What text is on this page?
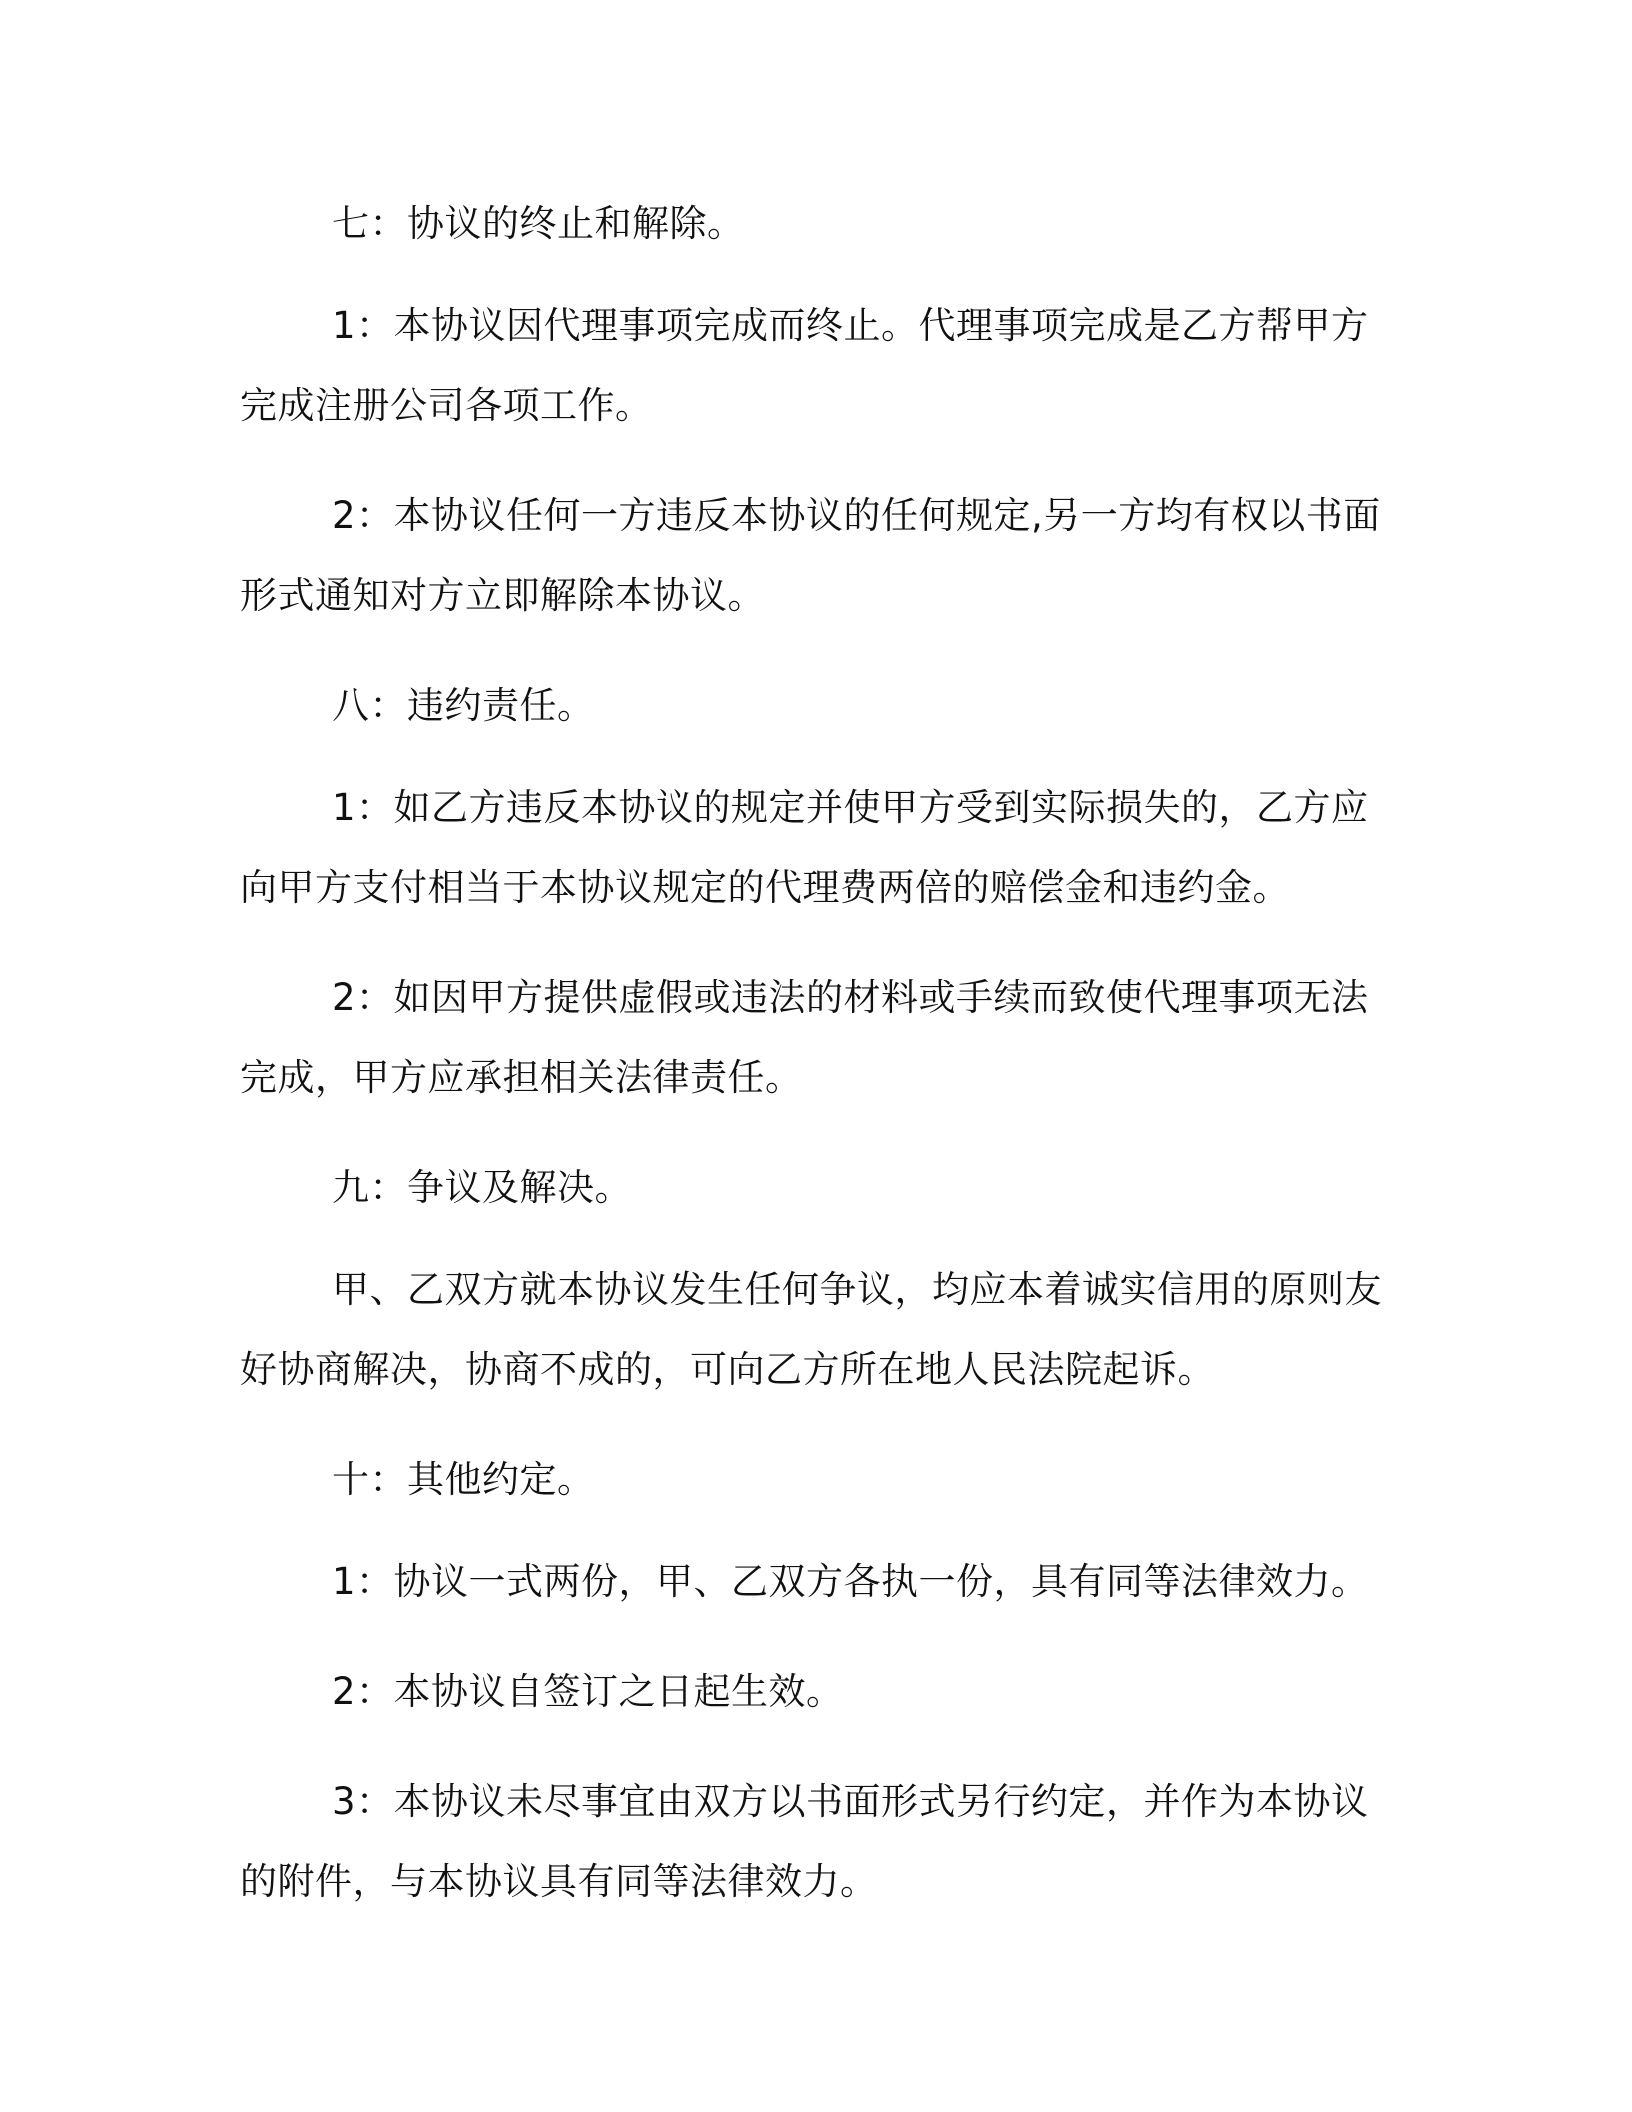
七：协议的终止和解除。

1：本协议因代理事项完成而终止。代理事项完成是乙方帮甲方完成注册公司各项工作。

2：本协议任何一方违反本协议的任何规定,另一方均有权以书面形式通知对方立即解除本协议。

八：违约责任。

1：如乙方违反本协议的规定并使甲方受到实际损失的，乙方应向甲方支付相当于本协议规定的代理费两倍的赔偿金和违约金。

2：如因甲方提供虚假或违法的材料或手续而致使代理事项无法完成，甲方应承担相关法律责任。

九：争议及解决。

甲、乙双方就本协议发生任何争议，均应本着诚实信用的原则友好协商解决，协商不成的，可向乙方所在地人民法院起诉。

十：其他约定。

1：协议一式两份，甲、乙双方各执一份，具有同等法律效力。

2：本协议自签订之日起生效。

3：本协议未尽事宜由双方以书面形式另行约定，并作为本协议的附件，与本协议具有同等法律效力。
